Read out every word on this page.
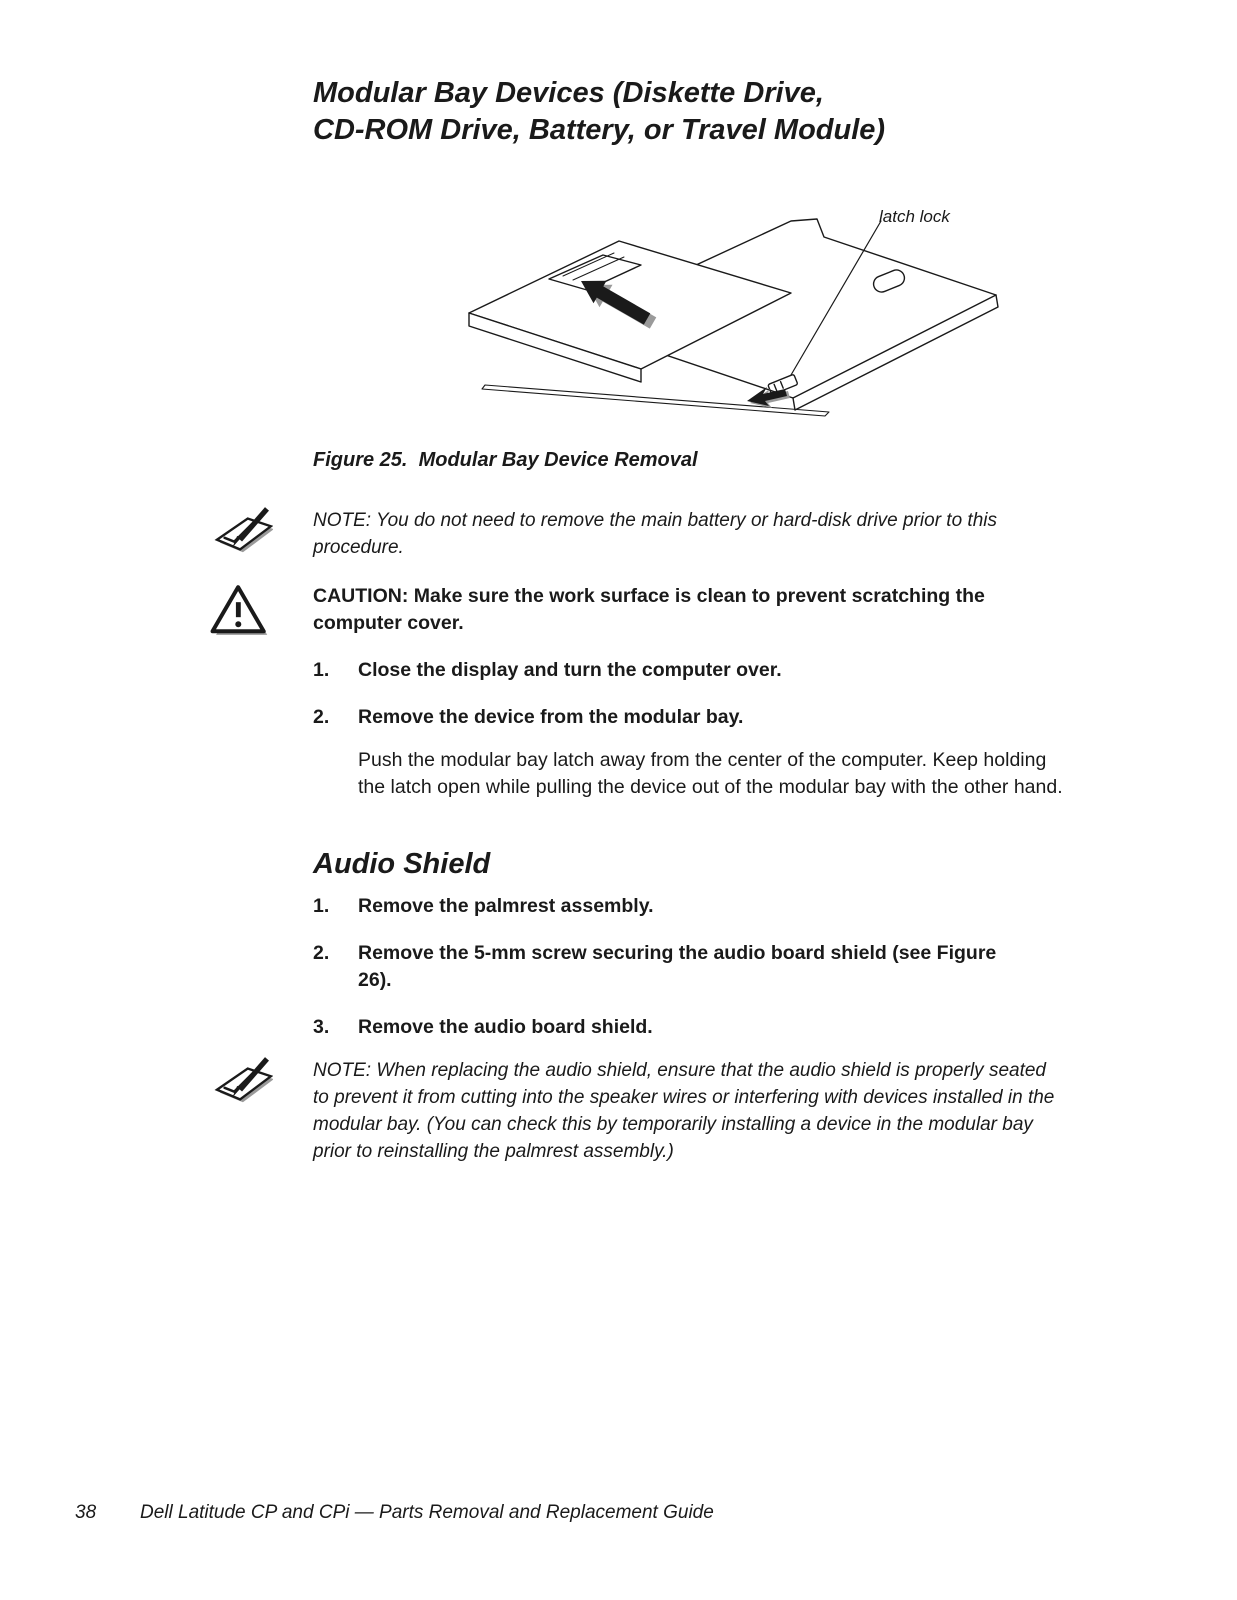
Modular Bay Devices (Diskette Drive,
CD-ROM Drive, Battery, or Travel Module)
latch lock
Figure 25.  Modular Bay Device Removal
NOTE: You do not need to remove the main battery or hard-disk drive prior to this procedure.
CAUTION: Make sure the work surface is clean to prevent scratching the computer cover.
1.	Close the display and turn the computer over.
2.	Remove the device from the modular bay.
Push the modular bay latch away from the center of the computer. Keep holding the latch open while pulling the device out of the modular bay with the other hand.
Audio Shield
1.	Remove the palmrest assembly.
2.	Remove the 5-mm screw securing the audio board shield (see Figure 26).
3.	Remove the audio board shield.
NOTE: When replacing the audio shield, ensure that the audio shield is properly seated to prevent it from cutting into the speaker wires or interfering with devices installed in the modular bay. (You can check this by temporarily installing a device in the modular bay prior to reinstalling the palmrest assembly.)
38	Dell Latitude CP and CPi — Parts Removal and Replacement Guide
